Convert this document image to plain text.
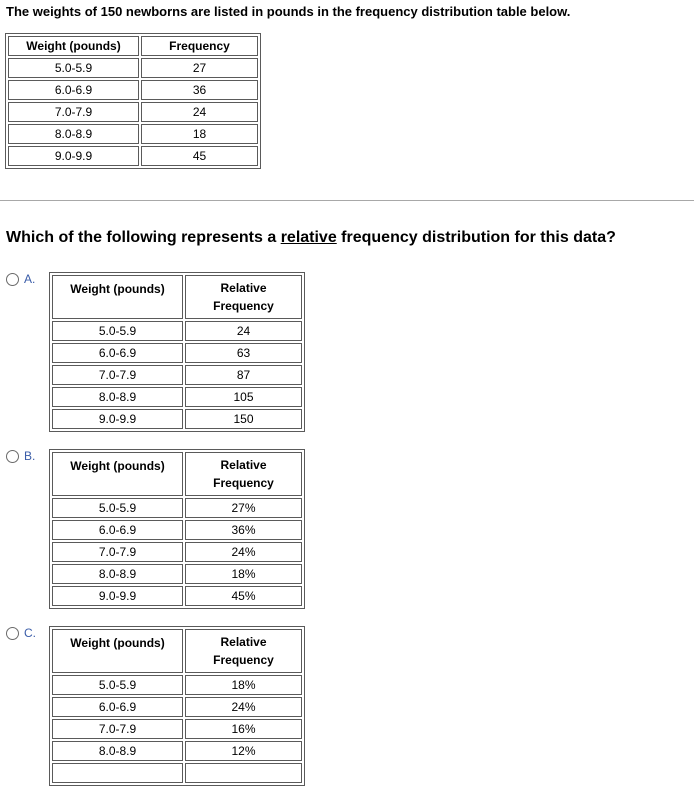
The weights of 150 newborns are listed in pounds in the frequency distribution table below.
Weight (pounds)	Frequency
5.0-5.9	27
6.0-6.9	36
7.0-7.9	24
8.0-8.9	18
9.0-9.9	45
Which of the following represents a relative frequency distribution for this data?
A.
Weight (pounds)	Relative
Frequency
5.0-5.9	24
6.0-6.9	63
7.0-7.9	87
8.0-8.9	105
9.0-9.9	150
B.
Weight (pounds)	Relative
Frequency
5.0-5.9	27%
6.0-6.9	36%
7.0-7.9	24%
8.0-8.9	18%
9.0-9.9	45%
C.
Weight (pounds)	Relative
Frequency
5.0-5.9	18%
6.0-6.9	24%
7.0-7.9	16%
8.0-8.9	12%
